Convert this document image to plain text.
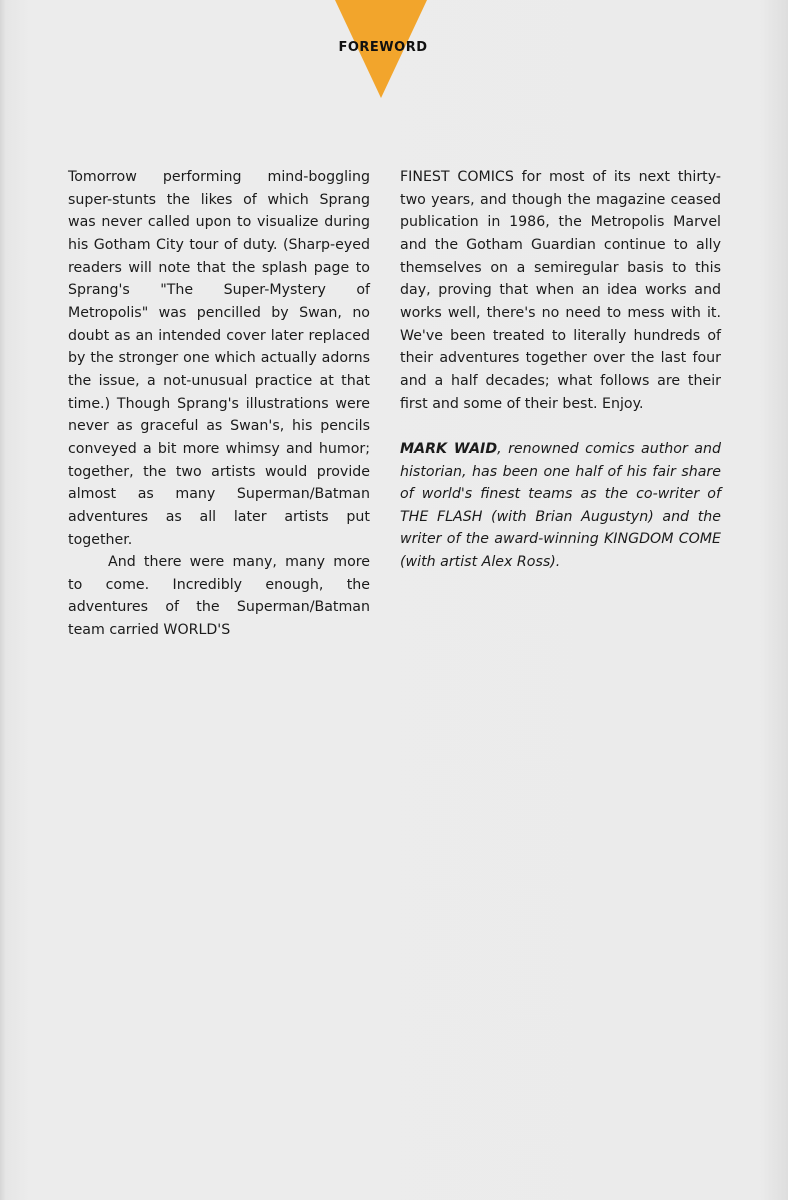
FOREWORD

Tomorrow performing mind-boggling super-stunts the likes of which Sprang was never called upon to visualize during his Gotham City tour of duty. (Sharp-eyed readers will note that the splash page to Sprang's "The Super-Mystery of Metropolis" was pencilled by Swan, no doubt as an intended cover later replaced by the stronger one which actually adorns the issue, a not-unusual practice at that time.) Though Sprang's illustrations were never as graceful as Swan's, his pencils conveyed a bit more whimsy and humor; together, the two artists would provide almost as many Superman/Batman adventures as all later artists put together.

And there were many, many more to come. Incredibly enough, the adventures of the Superman/Batman team carried WORLD'S

FINEST COMICS for most of its next thirty-two years, and though the magazine ceased publication in 1986, the Metropolis Marvel and the Gotham Guardian continue to ally themselves on a semiregular basis to this day, proving that when an idea works and works well, there's no need to mess with it. We've been treated to literally hundreds of their adventures together over the last four and a half decades; what follows are their first and some of their best. Enjoy.

MARK WAID, renowned comics author and historian, has been one half of his fair share of world's finest teams as the co-writer of THE FLASH (with Brian Augustyn) and the writer of the award-winning KINGDOM COME (with artist Alex Ross).
